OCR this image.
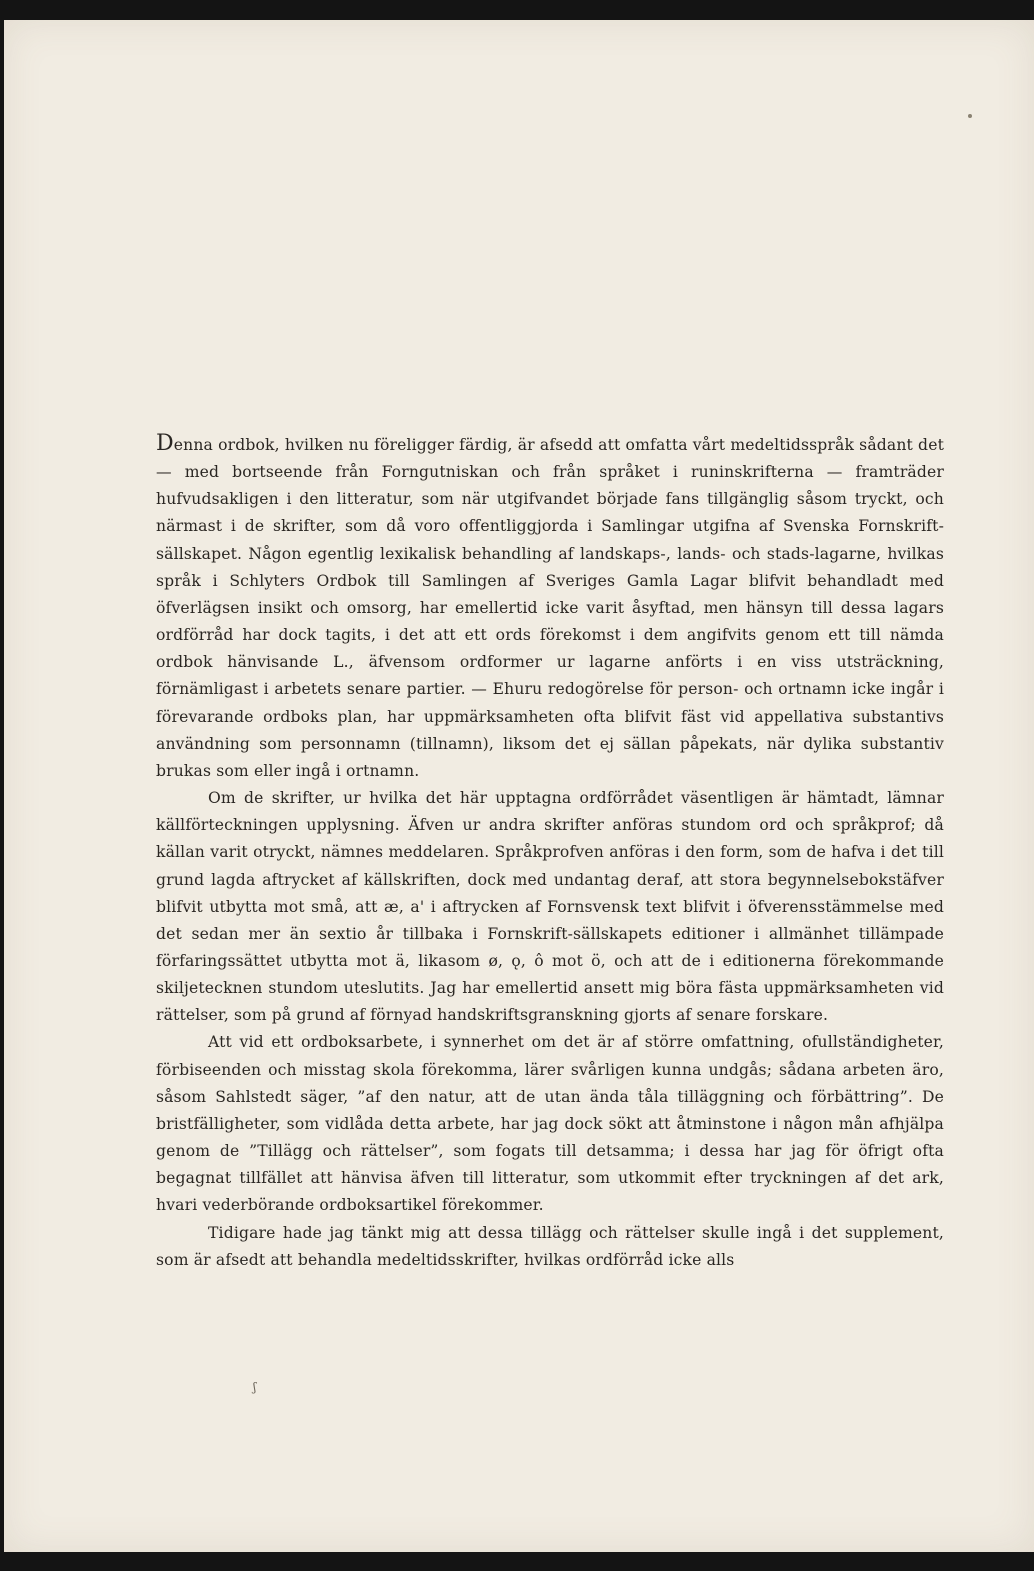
Denna ordbok, hvilken nu föreligger färdig, är afsedd att omfatta vårt medeltidsspråk sådant det — med bortseende från Forngutniskan och från språket i runinskrifterna — framträder hufvudsakligen i den litteratur, som när utgifvandet började fans tillgänglig såsom tryckt, och närmast i de skrifter, som då voro offentliggjorda i Samlingar utgifna af Svenska Fornskrift-sällskapet. Någon egentlig lexikalisk behandling af landskaps-, lands- och stads-lagarne, hvilkas språk i Schlyters Ordbok till Samlingen af Sveriges Gamla Lagar blifvit behandladt med öfverlägsen insikt och omsorg, har emellertid icke varit åsyftad, men hänsyn till dessa lagars ordförråd har dock tagits, i det att ett ords förekomst i dem angifvits genom ett till nämda ordbok hänvisande L., äfvensom ordformer ur lagarne anförts i en viss utsträckning, förnämligast i arbetets senare partier. — Ehuru redogörelse för person- och ortnamn icke ingår i förevarande ordboks plan, har uppmärksamheten ofta blifvit fäst vid appellativa substantivs användning som personnamn (tillnamn), liksom det ej sällan påpekats, när dylika substantiv brukas som eller ingå i ortnamn.

Om de skrifter, ur hvilka det här upptagna ordförrådet väsentligen är hämtadt, lämnar källförteckningen upplysning. Äfven ur andra skrifter anföras stundom ord och språkprof; då källan varit otryckt, nämnes meddelaren. Språkprofven anföras i den form, som de hafva i det till grund lagda aftrycket af källskriften, dock med undantag deraf, att stora begynnelsebokstäfver blifvit utbytta mot små, att æ, a' i aftrycken af Fornsvensk text blifvit i öfverensstämmelse med det sedan mer än sextio år tillbaka i Fornskrift-sällskapets editioner i allmänhet tillämpade förfaringssättet utbytta mot ä, likasom ø, ǫ, ô mot ö, och att de i editionerna förekommande skiljetecknen stundom uteslutits. Jag har emellertid ansett mig böra fästa uppmärksamheten vid rättelser, som på grund af förnyad handskriftsgranskning gjorts af senare forskare.

Att vid ett ordboksarbete, i synnerhet om det är af större omfattning, ofullständigheter, förbiseenden och misstag skola förekomma, lärer svårligen kunna undgås; sådana arbeten äro, såsom Sahlstedt säger, ”af den natur, att de utan ända tåla tilläggning och förbättring”. De bristfälligheter, som vidlåda detta arbete, har jag dock sökt att åtminstone i någon mån afhjälpa genom de ”Tillägg och rättelser”, som fogats till detsamma; i dessa har jag för öfrigt ofta begagnat tillfället att hänvisa äfven till litteratur, som utkommit efter tryckningen af det ark, hvari vederbörande ordboksartikel förekommer.

Tidigare hade jag tänkt mig att dessa tillägg och rättelser skulle ingå i det supplement, som är afsedt att behandla medeltidsskrifter, hvilkas ordförråd icke alls

ʃ
